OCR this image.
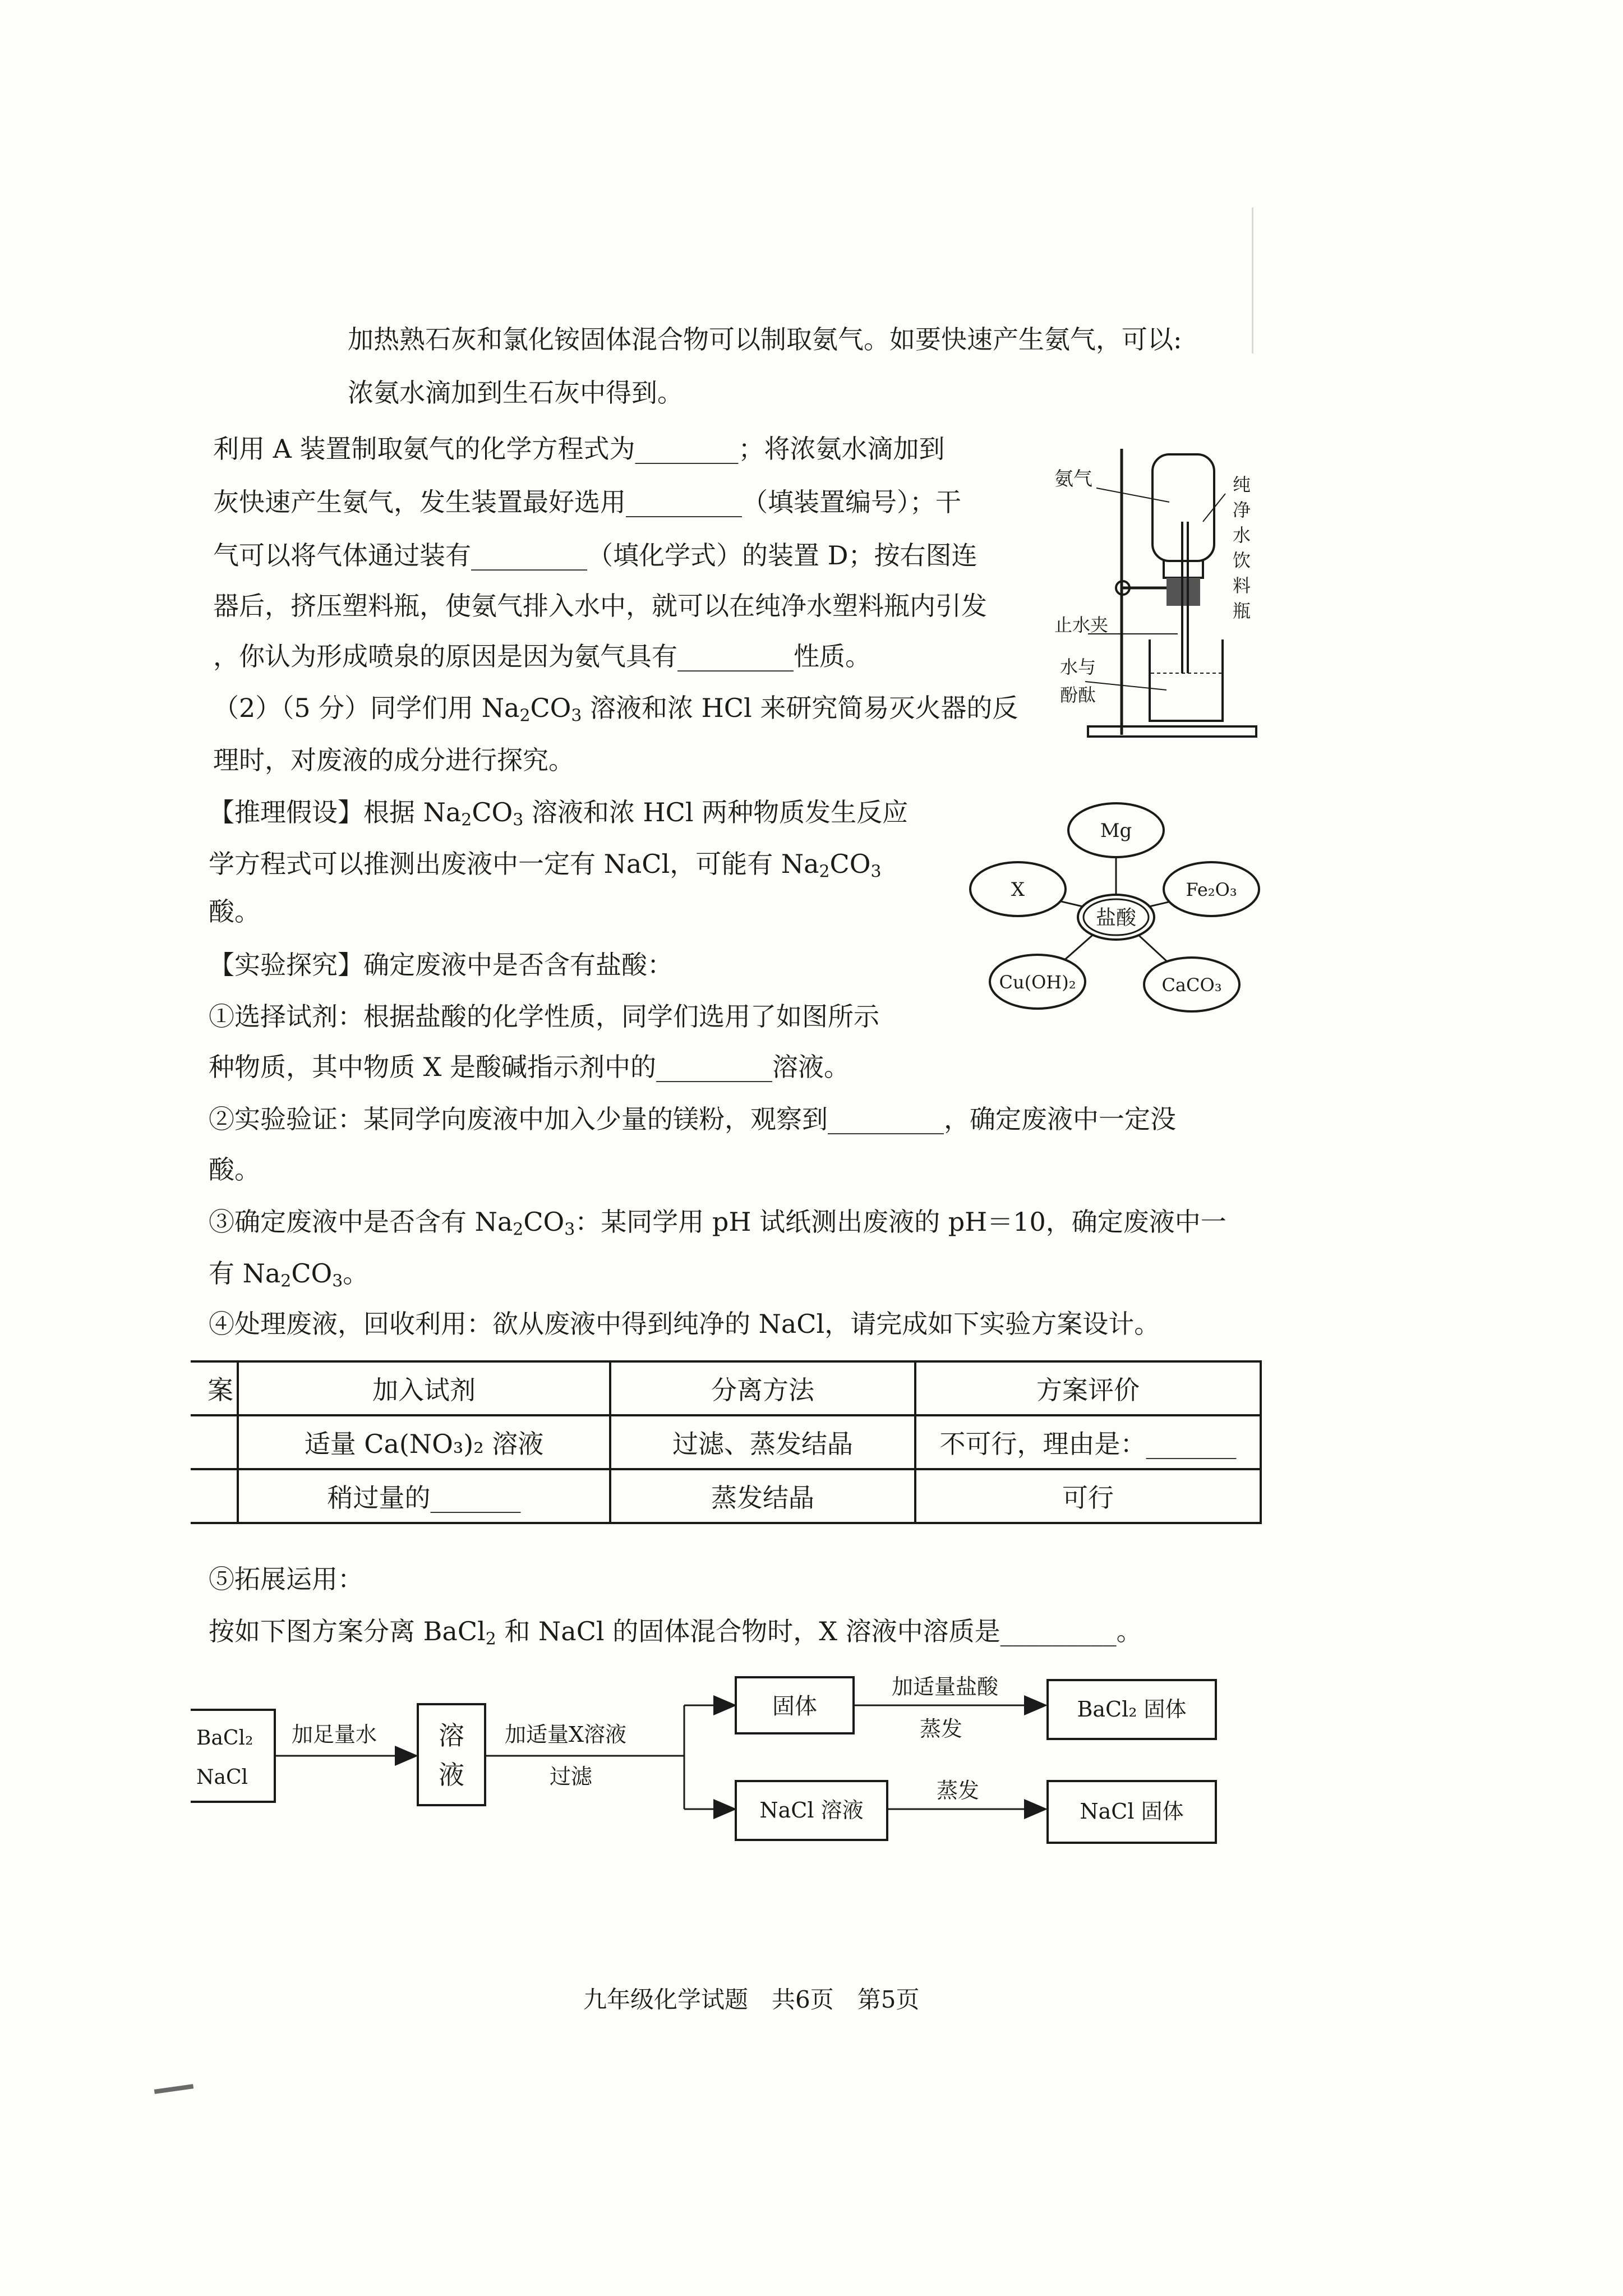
加热熟石灰和氯化铵固体混合物可以制取氨气。如要快速产生氨气，可以:
浓氨水滴加到生石灰中得到。
利用 A 装置制取氨气的化学方程式为________；将浓氨水滴加到
灰快速产生氨气，发生装置最好选用_________（填装置编号）；干
气可以将气体通过装有_________（填化学式）的装置 D；按右图连
器后，挤压塑料瓶，使氨气排入水中，就可以在纯净水塑料瓶内引发
，你认为形成喷泉的原因是因为氨气具有_________性质。
氨气	纯
净
水
饮
料
瓶
止水夹
水与
酚酞
（2）（5 分）同学们用 $Na_2CO_3$ 溶液和浓 HCl 来研究简易灭火器的反
理时，对废液的成分进行探究。
【推理假设】根据 $Na_2CO_3$ 溶液和浓 HCl 两种物质发生反应
学方程式可以推测出废液中一定有 NaCl，可能有 $Na_2CO_3$
酸。	盐酸
Mg
X	Fe₂O₃
Cu(OH)₂	CaCO₃
【实验探究】确定废液中是否含有盐酸：
①选择试剂：根据盐酸的化学性质，同学们选用了如图所示
种物质，其中物质 X 是酸碱指示剂中的_________溶液。
②实验验证：某同学向废液中加入少量的镁粉，观察到_________，确定废液中一定没
酸。
③确定废液中是否含有 $Na_2CO_3$：某同学用 pH 试纸测出废液的 pH＝10，确定废液中一
有 $Na_2CO_3$。
④处理废液，回收利用：欲从废液中得到纯净的 NaCl，请完成如下实验方案设计。
案	加入试剂	分离方法	方案评价
	适量 Ca(NO₃)₂ 溶液	过滤、蒸发结晶	不可行，理由是：_______
	稍过量的_______	蒸发结晶	可行
⑤拓展运用：
按如下图方案分离 BaCl$_2$ 和 NaCl 的固体混合物时，X 溶液中溶质是_________。
BaCl₂
NaCl
加足量水 溶
液
加适量X溶液
过滤
固体
加适量盐酸
蒸发
BaCl₂ 固体
NaCl 溶液
蒸发
NaCl 固体
九年级化学试题　共6页　第5页
